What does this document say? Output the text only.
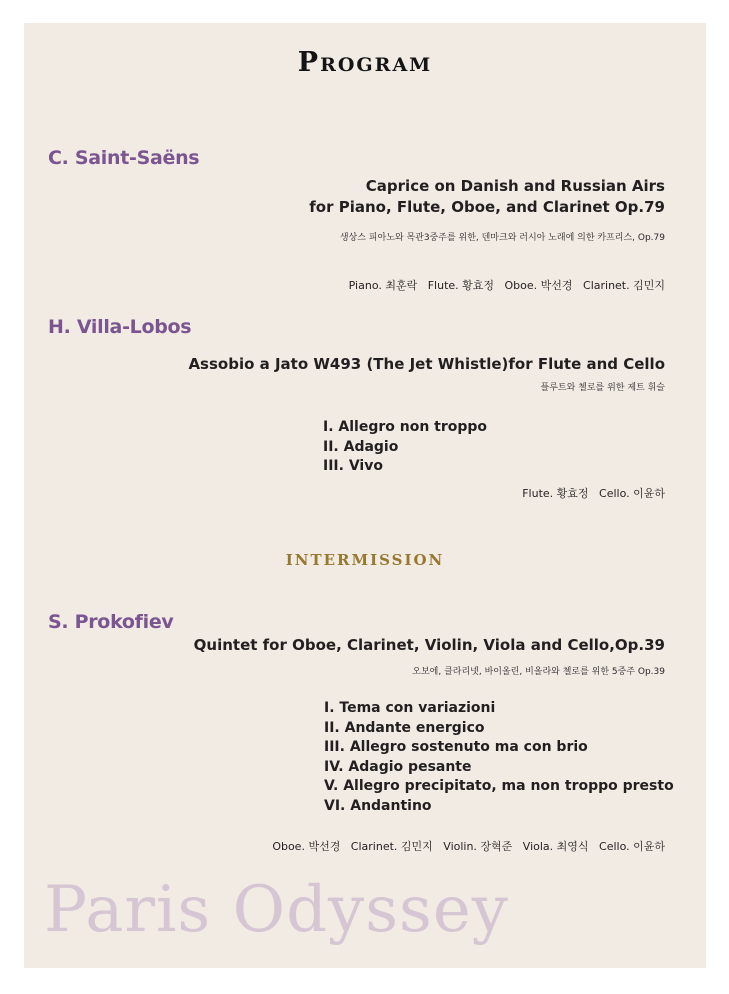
Program
C. Saint-Saëns
Caprice on Danish and Russian Airs
for Piano, Flute, Oboe, and Clarinet Op.79
생상스 피아노와 목관3중주를 위한, 덴마크와 러시아 노래에 의한 카프리스, Op.79
Piano. 최훈락   Flute. 황효정   Oboe. 박선경   Clarinet. 김민지
H. Villa-Lobos
Assobio a Jato W493 (The Jet Whistle)for Flute and Cello
플루트와 첼로를 위한 제트 휘슬
I. Allegro non troppo
II. Adagio
III. Vivo
Flute. 황효정   Cello. 이윤하
INTERMISSION
S. Prokofiev
Quintet for Oboe, Clarinet, Violin, Viola and Cello,Op.39
오보에, 클라리넷, 바이올린, 비올라와 첼로를 위한 5중주 Op.39
I. Tema con variazioni
II. Andante energico
III. Allegro sostenuto ma con brio
IV. Adagio pesante
V. Allegro precipitato, ma non troppo presto
VI. Andantino
Oboe. 박선경   Clarinet. 김민지   Violin. 장혁준   Viola. 최영식   Cello. 이윤하
Paris Odyssey
